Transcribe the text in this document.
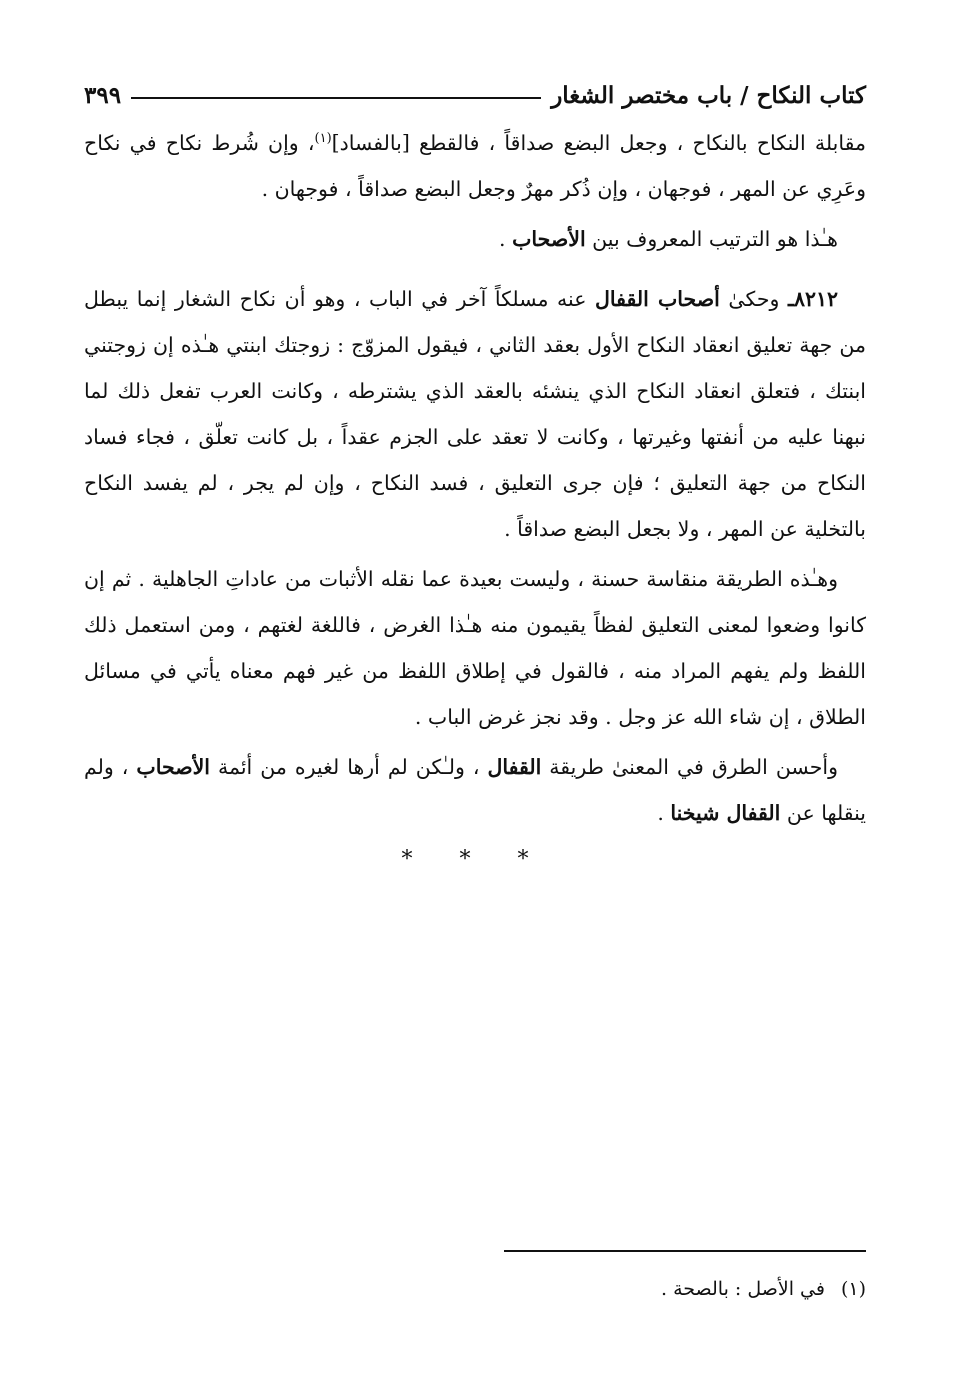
كتاب النكاح / باب مختصر الشغار
٣٩٩

مقابلة النكاح بالنكاح ، وجعل البضع صداقاً ، فالقطع [بالفساد]$^{(١)}$، وإن شُرط نكاح في نكاح وعَرِي عن المهر ، فوجهان ، وإن ذُكر مهرٌ وجعل البضع صداقاً ، فوجهان .

هـٰذا هو الترتيب المعروف بين الأصحاب .

٨٢١٢ـ وحكىٰ أصحاب القفال عنه مسلكاً آخر في الباب ، وهو أن نكاح الشغار إنما يبطل من جهة تعليق انعقاد النكاح الأول بعقد الثاني ، فيقول المزوّج : زوجتك ابنتي هـٰذه إن زوجتني ابنتك ، فتعلق انعقاد النكاح الذي ينشئه بالعقد الذي يشترطه ، وكانت العرب تفعل ذلك لما نبهنا عليه من أنفتها وغيرتها ، وكانت لا تعقد على الجزم عقداً ، بل كانت تعلّق ، فجاء فساد النكاح من جهة التعليق ؛ فإن جرى التعليق ، فسد النكاح ، وإن لم يجر ، لم يفسد النكاح بالتخلية عن المهر ، ولا بجعل البضع صداقاً .

وهـٰذه الطريقة منقاسة حسنة ، وليست بعيدة عما نقله الأثبات من عاداتِ الجاهلية . ثم إن كانوا وضعوا لمعنى التعليق لفظاً يقيمون منه هـٰذا الغرض ، فاللغة لغتهم ، ومن استعمل ذلك اللفظ ولم يفهم المراد منه ، فالقول في إطلاق اللفظ من غير فهم معناه يأتي في مسائل الطلاق ، إن شاء الله عز وجل . وقد نجز غرض الباب .

وأحسن الطرق في المعنىٰ طريقة القفال ، ولـٰكن لم أرها لغيره من أئمة الأصحاب ، ولم ينقلها عن القفال شيخنا .

* * *
(١)في الأصل : بالصحة .
